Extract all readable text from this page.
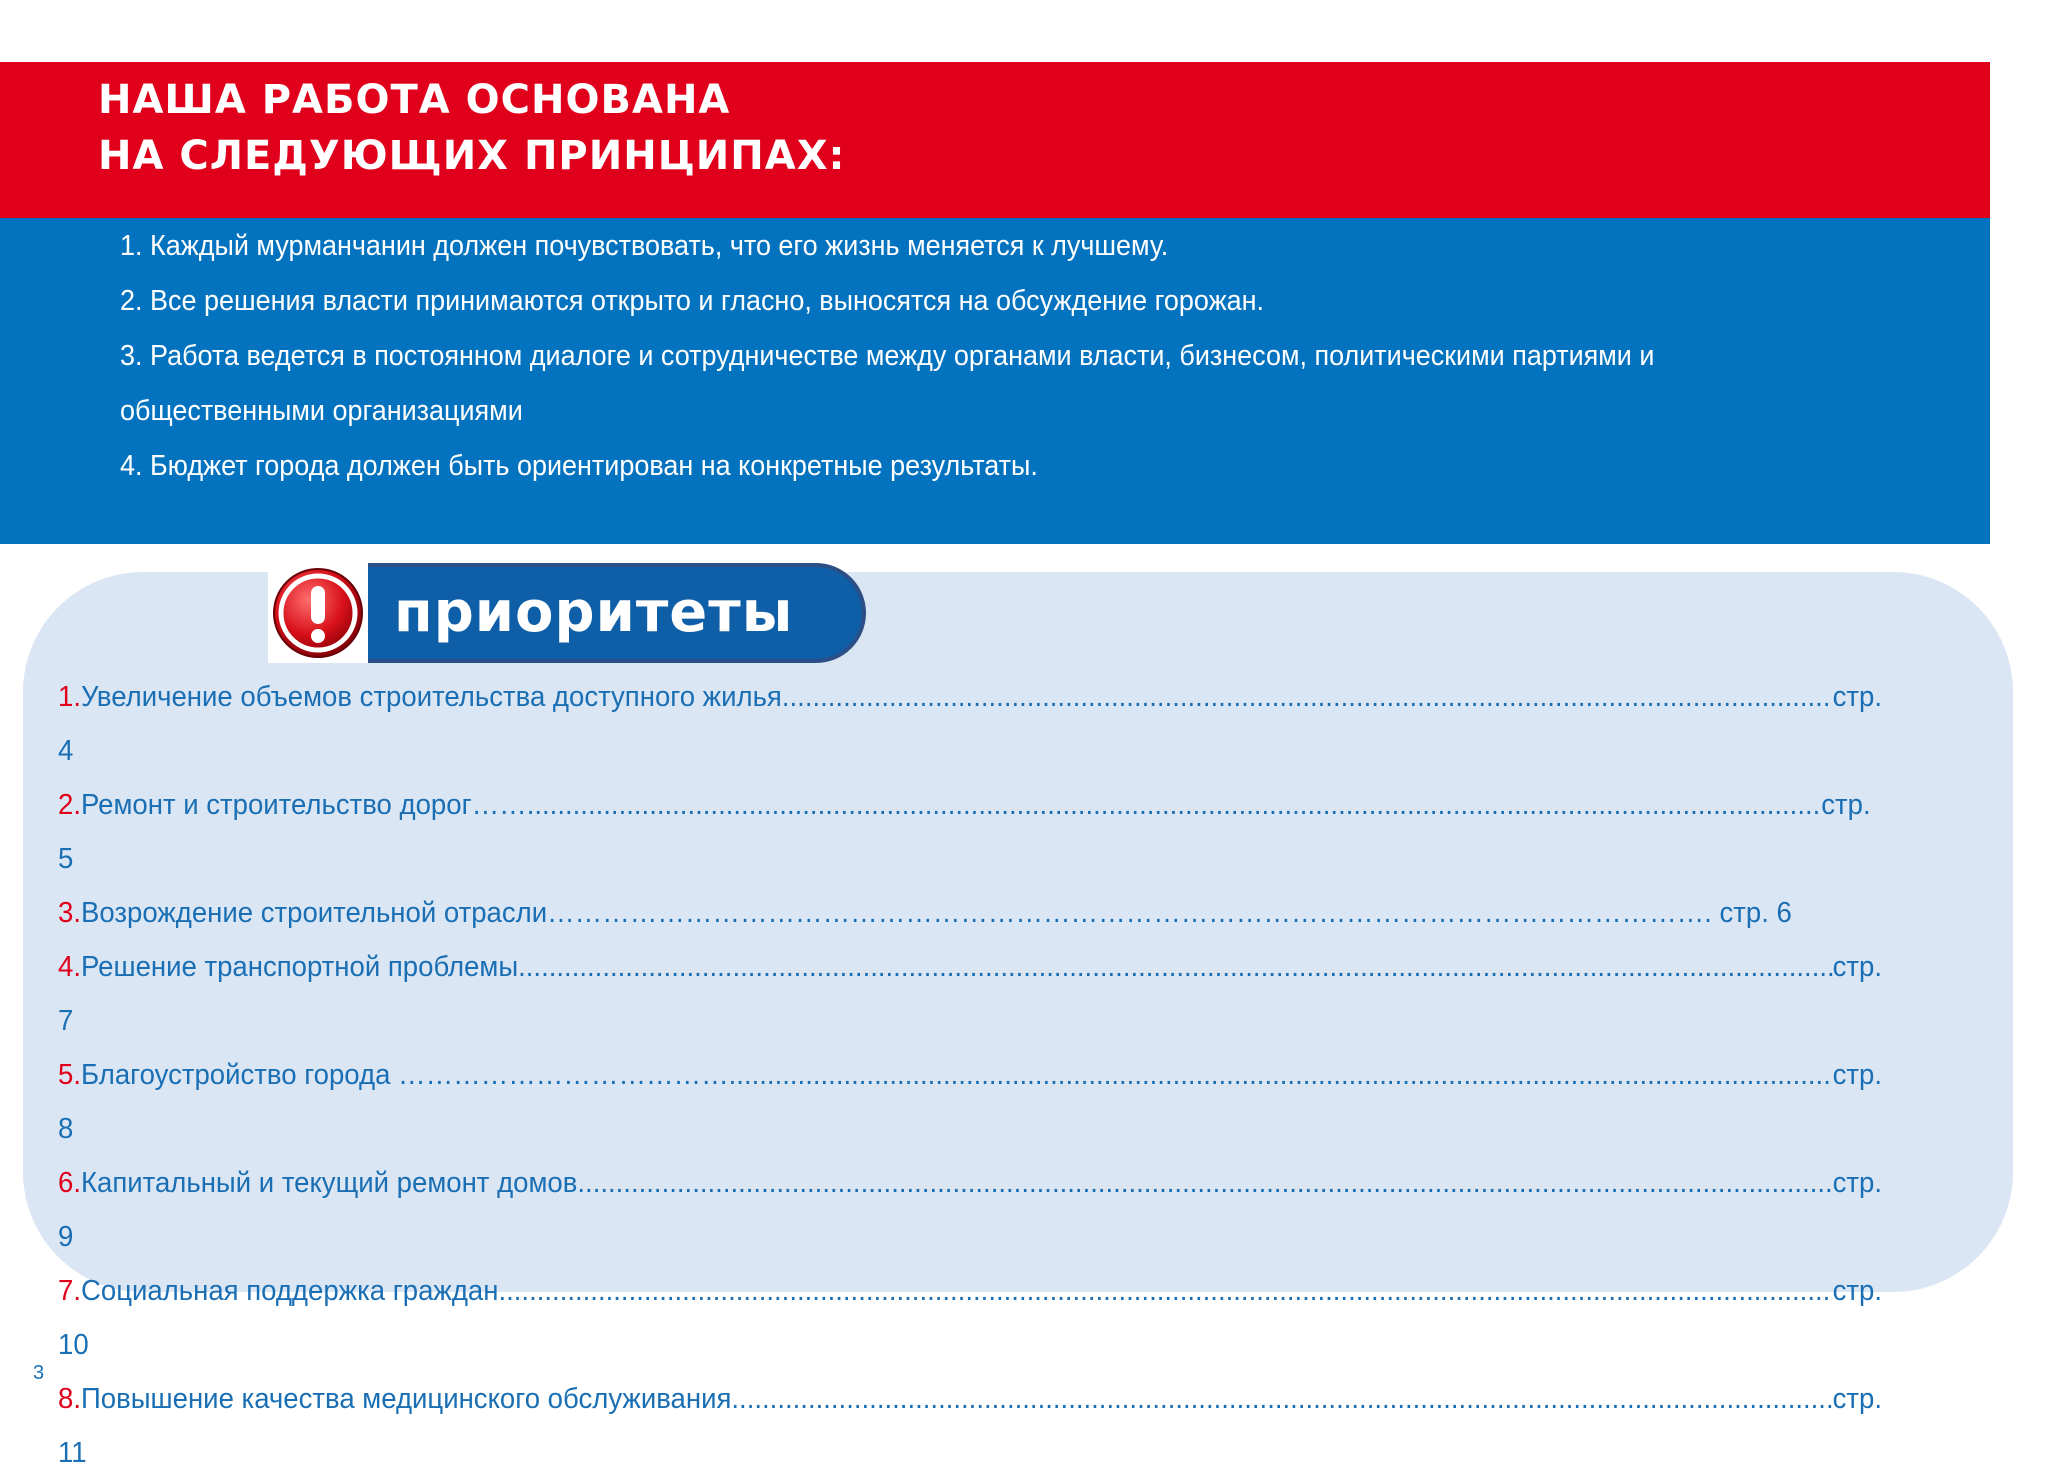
НАША РАБОТА ОСНОВАНА
НА СЛЕДУЮЩИХ ПРИНЦИПАХ:
1. Каждый мурманчанин должен почувствовать, что его жизнь меняется к лучшему.
2. Все решения власти принимаются открыто и гласно, выносятся на обсуждение горожан.
3. Работа ведется в постоянном диалоге и сотрудничестве между органами власти, бизнесом, политическими партиями и общественными организациями
4. Бюджет города должен быть ориентирован на конкретные результаты.
приоритеты
1. Увеличение объемов строительства доступного жилья .....	стр.
4
2. Ремонт и строительство дорог…… .....	стр.
5
3. Возрождение строительной отрасли……………………………………………………………………………………………………………… . стр. 6
4. Решение транспортной проблемы .....	стр.
7
5. Благоустройство города ……………………………… .....	стр.
8
6. Капитальный и текущий ремонт домов .....	стр.
9
7. Социальная поддержка граждан .....	стр.
10
8. Повышение качества медицинского обслуживания .....	стр.
11
3
